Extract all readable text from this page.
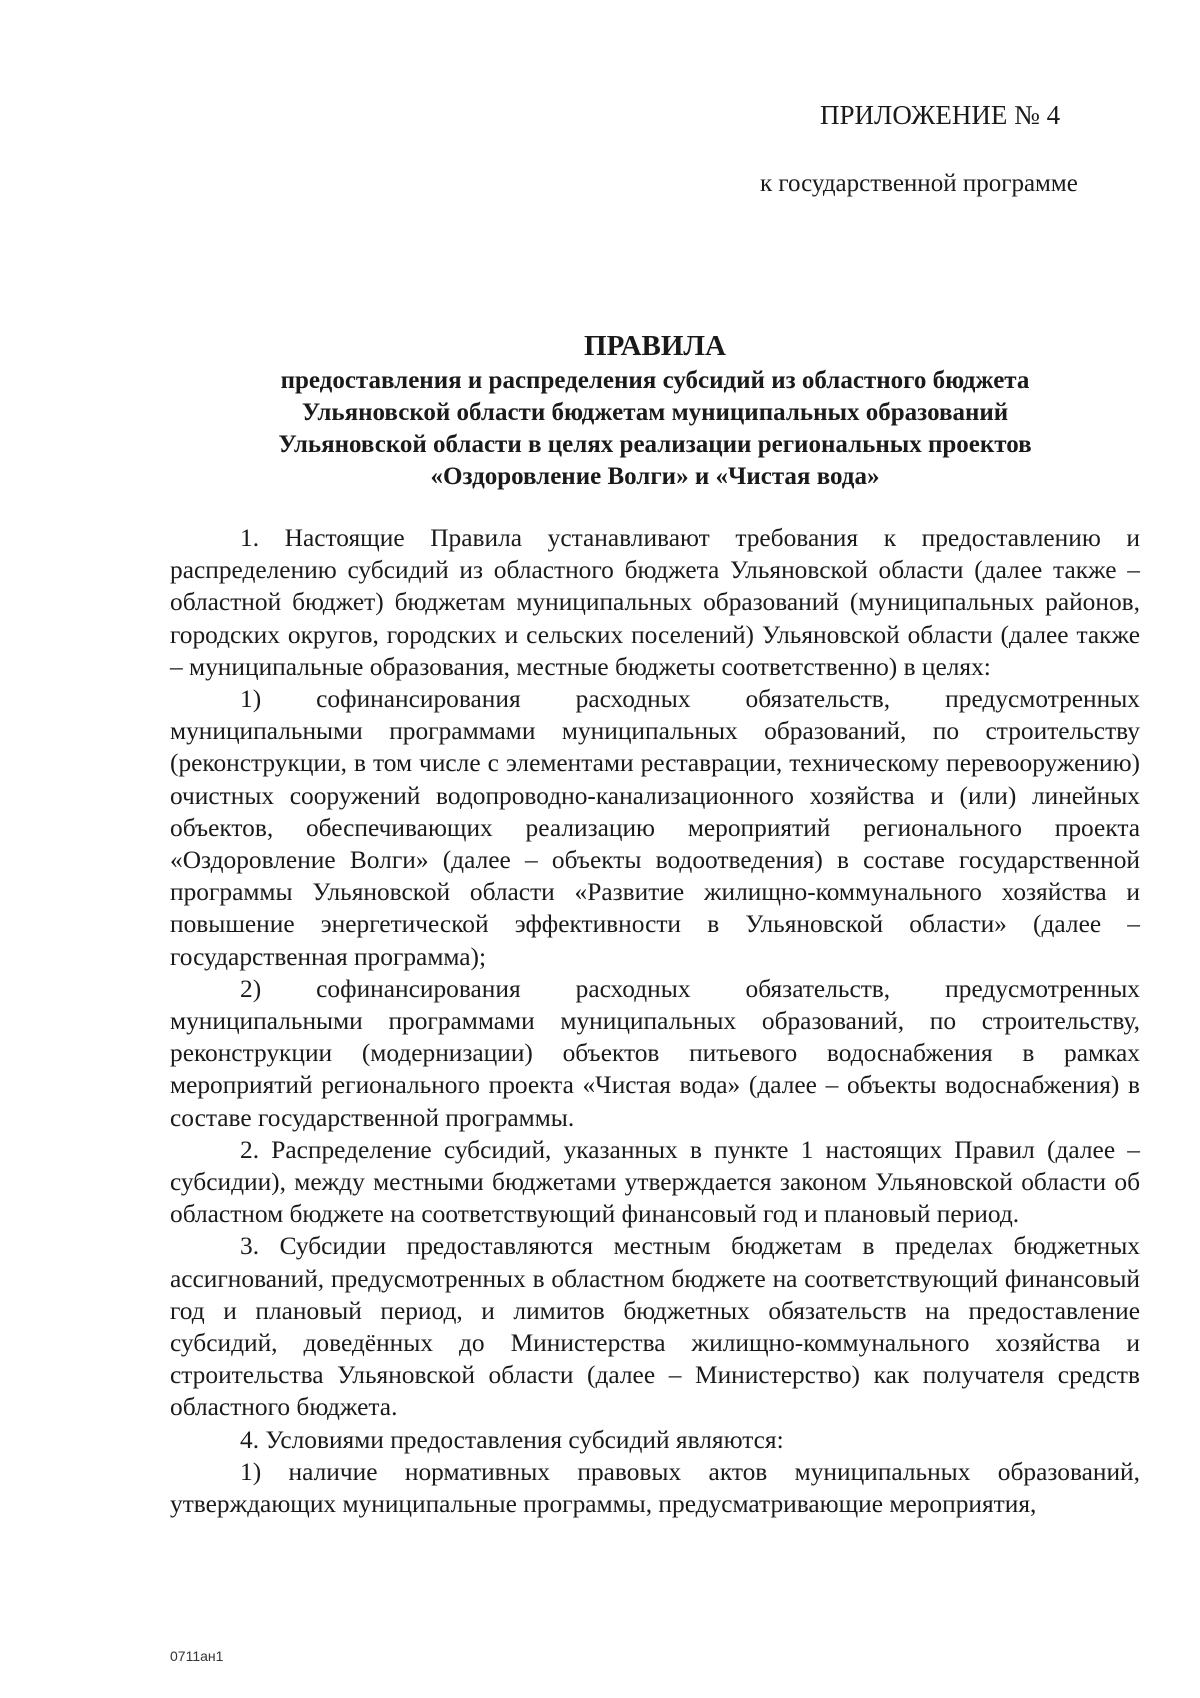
ПРИЛОЖЕНИЕ № 4
к государственной программе
ПРАВИЛА
предоставления и распределения субсидий из областного бюджета
Ульяновской области бюджетам муниципальных образований
Ульяновской области в целях реализации региональных проектов
«Оздоровление Волги» и «Чистая вода»

1. Настоящие Правила устанавливают требования к предоставлению и распределению субсидий из областного бюджета Ульяновской области (далее также – областной бюджет) бюджетам муниципальных образований (муниципальных районов, городских округов, городских и сельских поселений) Ульяновской области (далее также – муниципальные образования, местные бюджеты соответственно) в целях:

1) софинансирования расходных обязательств, предусмотренных муниципальными программами муниципальных образований, по строительству (реконструкции, в том числе с элементами реставрации, техническому перевооружению) очистных сооружений водопроводно-канализационного хозяйства и (или) линейных объектов, обеспечивающих реализацию мероприятий регионального проекта «Оздоровление Волги» (далее – объекты водоотведения) в составе государственной программы Ульяновской области «Развитие жилищно-коммунального хозяйства и повышение энергетической эффективности в Ульяновской области» (далее – государственная программа);

2) софинансирования расходных обязательств, предусмотренных муниципальными программами муниципальных образований, по строительству, реконструкции (модернизации) объектов питьевого водоснабжения в рамках мероприятий регионального проекта «Чистая вода» (далее – объекты водоснабжения) в составе государственной программы.

2. Распределение субсидий, указанных в пункте 1 настоящих Правил (далее – субсидии), между местными бюджетами утверждается законом Ульяновской области об областном бюджете на соответствующий финансовый год и плановый период.

3. Субсидии предоставляются местным бюджетам в пределах бюджетных ассигнований, предусмотренных в областном бюджете на соответствующий финансовый год и плановый период, и лимитов бюджетных обязательств на предоставление субсидий, доведённых до Министерства жилищно-коммунального хозяйства и строительства Ульяновской области (далее – Министерство) как получателя средств областного бюджета.

4. Условиями предоставления субсидий являются:

1) наличие нормативных правовых актов муниципальных образований, утверждающих муниципальные программы, предусматривающие мероприятия,

0711ан1
